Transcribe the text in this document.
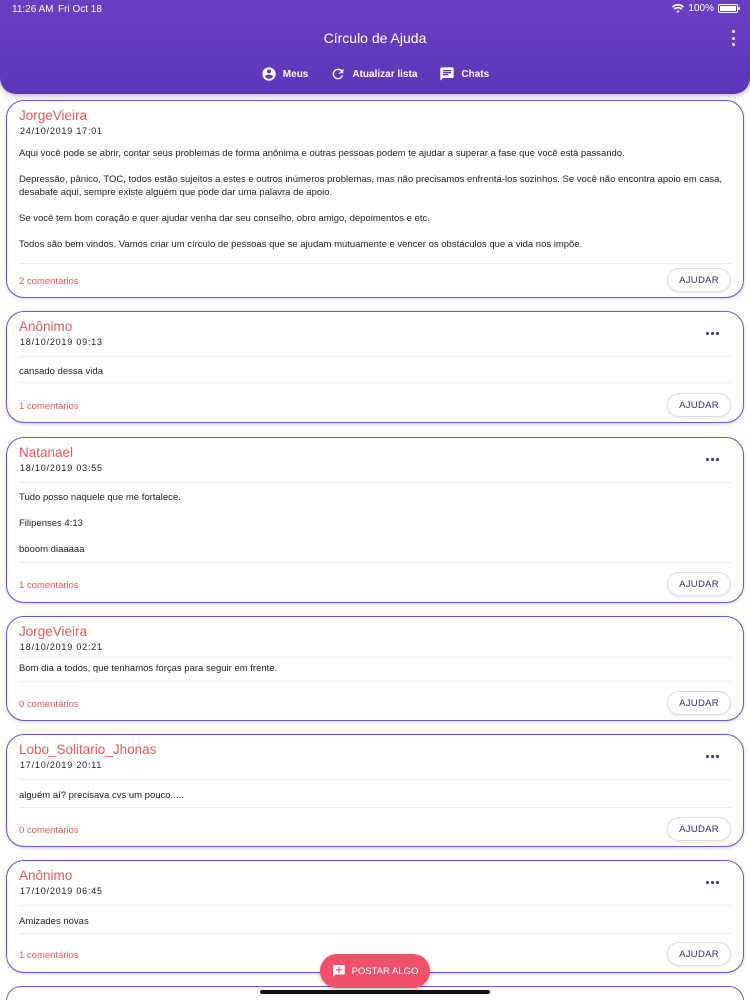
11:26 AM Fri Oct 18	100%
Círculo de Ajuda
Meus	Atualizar lista	Chats
JorgeVieira
24/10/2019 17:01

Aqui você pode se abrir, contar seus problemas de forma anônima e outras pessoas podem te ajudar a superar a fase que você está passando.

Depressão, pânico, TOC, todos estão sujeitos a estes e outros inúmeros problemas, mas não precisamos enfrentá-los sozinhos. Se você não encontra apoio em casa, desabafe aqui, sempre existe alguém que pode dar uma palavra de apoio.

Se você tem bom coração e quer ajudar venha dar seu conselho, obro amigo, depoimentos e etc.

Todos são bem vindos. Vamos criar um círculo de pessoas que se ajudam mutuamente e vencer os obstáculos que a vida nos impõe.

2 comentários	AJUDAR
Anônimo
18/10/2019 09:13

cansado dessa vida

1 comentários	AJUDAR
Natanael
18/10/2019 03:55

Tudo posso naquele que me fortalece.

Filipenses 4:13

booom diaaaaa

1 comentários	AJUDAR
JorgeVieira
18/10/2019 02:21

Bom dia a todos, que tenhamos forças para seguir em frente.

0 comentários	AJUDAR
Lobo_Solitario_Jhonas
17/10/2019 20:11

alguém aí? precisava cvs um pouco.....

0 comentários	AJUDAR
Anônimo
17/10/2019 06:45

Amizades novas

1 comentários	AJUDAR
POSTAR ALGO
